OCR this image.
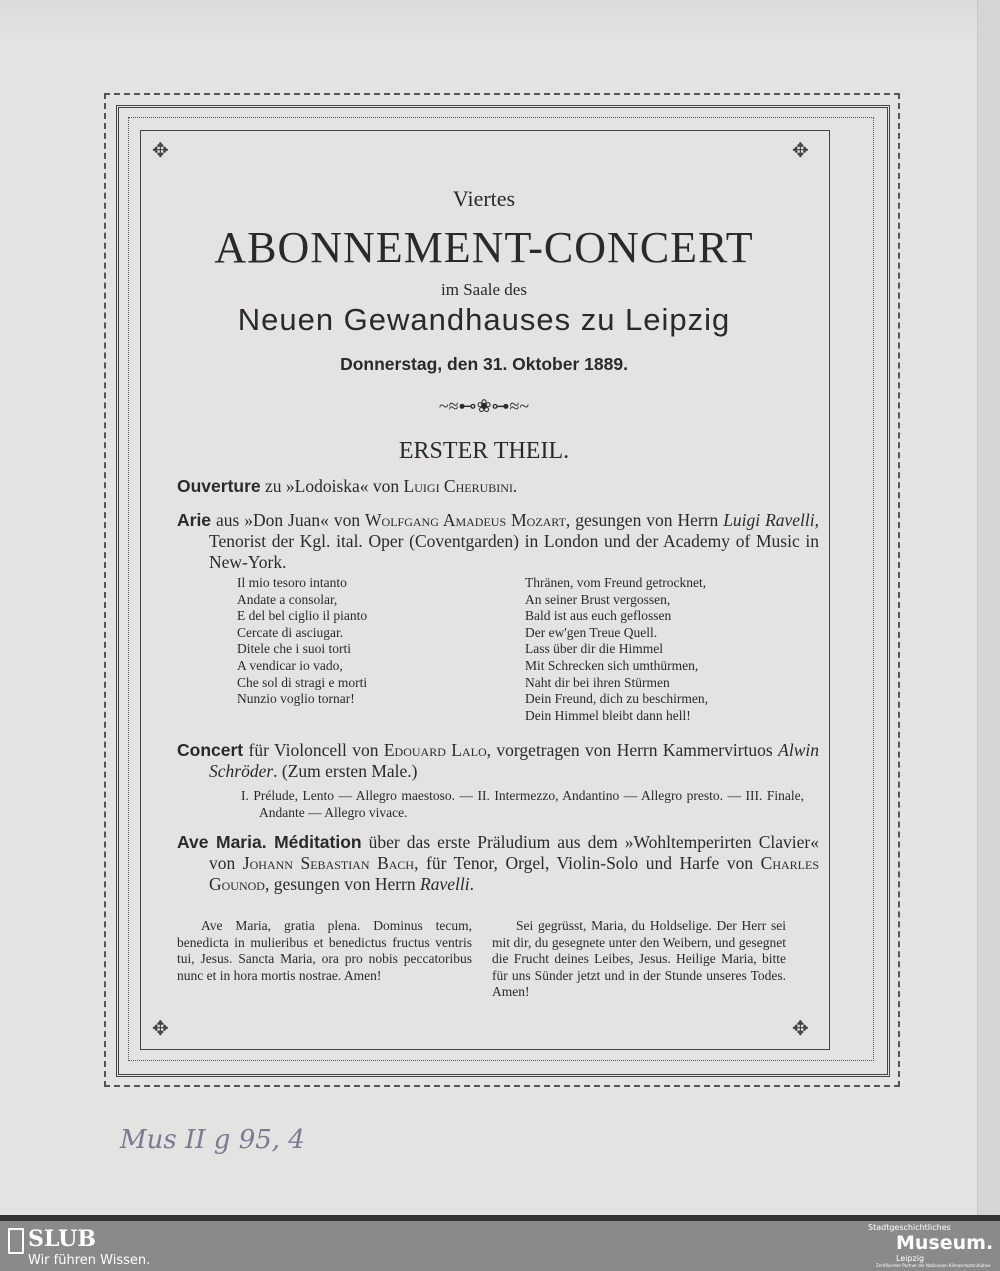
✥	✥
✥	✥
Viertes
ABONNEMENT-CONCERT
im Saale des
Neuen Gewandhauses zu Leipzig
Donnerstag, den 31. Oktober 1889.
~≈⊷❀⊶≈~
ERSTER THEIL.
Ouverture zu »Lodoiska« von Luigi Cherubini.
Arie aus »Don Juan« von Wolfgang Amadeus Mozart, gesungen von Herrn Luigi Ravelli, Tenorist der Kgl. ital. Oper (Coventgarden) in London und der Academy of Music in New-York.
Il mio tesoro intanto
Andate a consolar,
E del bel ciglio il pianto
Cercate di asciugar.
Ditele che i suoi torti
A vendicar io vado,
Che sol di stragi e morti
Nunzio voglio tornar!
Thränen, vom Freund getrocknet,
An seiner Brust vergossen,
Bald ist aus euch geflossen
Der ew'gen Treue Quell.
Lass über dir die Himmel
Mit Schrecken sich umthürmen,
Naht dir bei ihren Stürmen
Dein Freund, dich zu beschirmen,
Dein Himmel bleibt dann hell!
Concert für Violoncell von Edouard Lalo, vorgetragen von Herrn Kammervirtuos Alwin Schröder. (Zum ersten Male.)
I. Prélude, Lento — Allegro maestoso. — II. Intermezzo, Andantino — Allegro presto. — III. Finale, Andante — Allegro vivace.
Ave Maria. Méditation über das erste Präludium aus dem »Wohltemperirten Clavier« von Johann Sebastian Bach, für Tenor, Orgel, Violin-Solo und Harfe von Charles Gounod, gesungen von Herrn Ravelli.
Ave Maria, gratia plena. Dominus tecum, benedicta in mulieribus et benedictus fructus ventris tui, Jesus. Sancta Maria, ora pro nobis peccatoribus nunc et in hora mortis nostrae. Amen!
Sei gegrüsst, Maria, du Holdselige. Der Herr sei mit dir, du gesegnete unter den Weibern, und gesegnet die Frucht deines Leibes, Jesus. Heilige Maria, bitte für uns Sünder jetzt und in der Stunde unseres Todes. Amen!
Mus II g 95, 4
SLUB
Wir führen Wissen.
Stadtgeschichtliches
Museum.
Leipzig
Zertifizierter Partner der Nationalen Klimaschutzinitiative
